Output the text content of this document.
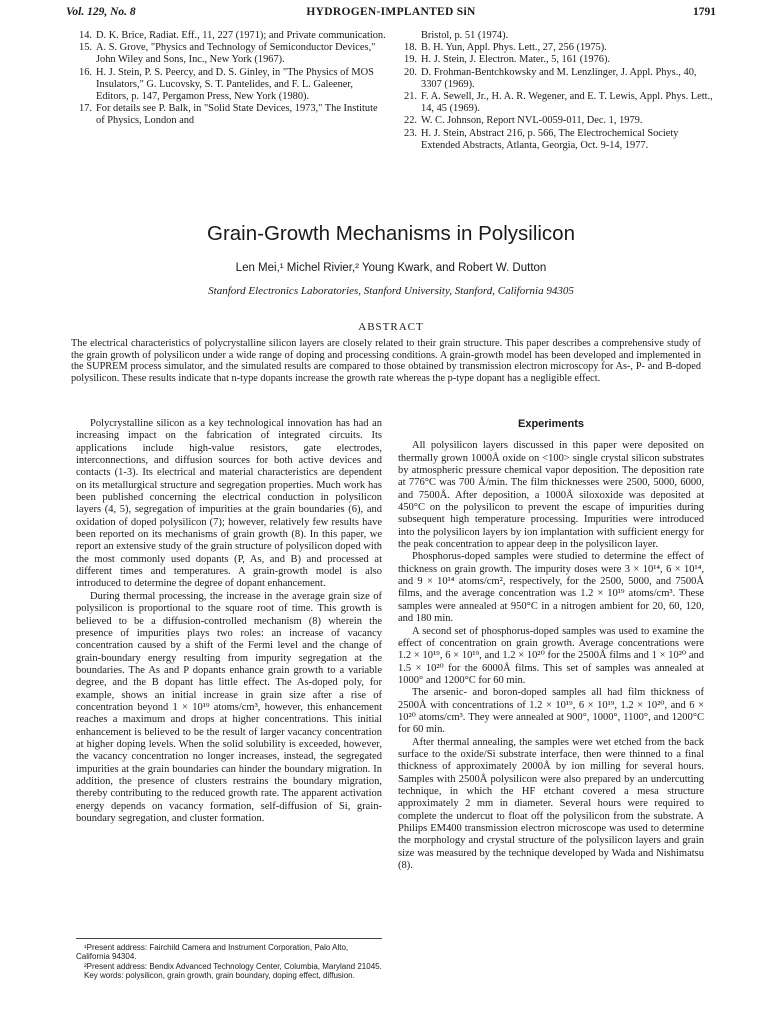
Vol. 129, No. 8	HYDROGEN-IMPLANTED SiN	1791
14. D. K. Brice, Radiat. Eff., 11, 227 (1971); and Private communication.
15. A. S. Grove, "Physics and Technology of Semiconductor Devices," John Wiley and Sons, Inc., New York (1967).
16. H. J. Stein, P. S. Peercy, and D. S. Ginley, in "The Physics of MOS Insulators," G. Lucovsky, S. T. Pantelides, and F. L. Galeener, Editors, p. 147, Pergamon Press, New York (1980).
17. For details see P. Balk, in "Solid State Devices, 1973," The Institute of Physics, London and
Bristol, p. 51 (1974).
18. B. H. Yun, Appl. Phys. Lett., 27, 256 (1975).
19. H. J. Stein, J. Electron. Mater., 5, 161 (1976).
20. D. Frohman-Bentchkowsky and M. Lenzlinger, J. Appl. Phys., 40, 3307 (1969).
21. F. A. Sewell, Jr., H. A. R. Wegener, and E. T. Lewis, Appl. Phys. Lett., 14, 45 (1969).
22. W. C. Johnson, Report NVL-0059-011, Dec. 1, 1979.
23. H. J. Stein, Abstract 216, p. 566, The Electrochemical Society Extended Abstracts, Atlanta, Georgia, Oct. 9-14, 1977.
Grain-Growth Mechanisms in Polysilicon
Len Mei,¹ Michel Rivier,² Young Kwark, and Robert W. Dutton
Stanford Electronics Laboratories, Stanford University, Stanford, California 94305
ABSTRACT
The electrical characteristics of polycrystalline silicon layers are closely related to their grain structure. This paper describes a comprehensive study of the grain growth of polysilicon under a wide range of doping and processing conditions. A grain-growth model has been developed and implemented in the SUPREM process simulator, and the simulated results are compared to those obtained by transmission electron microscopy for As-, P- and B-doped polysilicon. These results indicate that n-type dopants increase the growth rate whereas the p-type dopant has a negligible effect.

Polycrystalline silicon as a key technological innovation has had an increasing impact on the fabrication of integrated circuits. Its applications include high-value resistors, gate electrodes, interconnections, and diffusion sources for both active devices and contacts (1-3). Its electrical and material characteristics are dependent on its metallurgical structure and segregation properties. Much work has been published concerning the electrical conduction in polysilicon layers (4, 5), segregation of impurities at the grain boundaries (6), and oxidation of doped polysilicon (7); however, relatively few results have been reported on its mechanisms of grain growth (8). In this paper, we report an extensive study of the grain structure of polysilicon doped with the most commonly used dopants (P, As, and B) and processed at different times and temperatures. A grain-growth model is also introduced to determine the degree of dopant enhancement.

During thermal processing, the increase in the average grain size of polysilicon is proportional to the square root of time. This growth is believed to be a diffusion-controlled mechanism (8) wherein the presence of impurities plays two roles: an increase of vacancy concentration caused by a shift of the Fermi level and the change of grain-boundary energy resulting from impurity segregation at the boundaries. The As and P dopants enhance grain growth to a variable degree, and the B dopant has little effect. The As-doped poly, for example, shows an initial increase in grain size after a rise of concentration beyond 1 × 10¹⁹ atoms/cm³, however, this enhancement reaches a maximum and drops at higher concentrations. This initial enhancement is believed to be the result of larger vacancy concentration at higher doping levels. When the solid solubility is exceeded, however, the vacancy concentration no longer increases, instead, the segregated impurities at the grain boundaries can hinder the boundary migration. In addition, the presence of clusters restrains the boundary migration, thereby contributing to the reduced growth rate. The apparent activation energy depends on vacancy formation, self-diffusion of Si, grain-boundary segregation, and cluster formation.

¹Present address: Fairchild Camera and Instrument Corporation, Palo Alto, California 94304.
²Present address: Bendix Advanced Technology Center, Columbia, Maryland 21045.
Key words: polysilicon, grain growth, grain boundary, doping effect, diffusion.
Experiments

All polysilicon layers discussed in this paper were deposited on thermally grown 1000Å oxide on <100> single crystal silicon substrates by atmospheric pressure chemical vapor deposition. The deposition rate at 776°C was 700 Å/min. The film thicknesses were 2500, 5000, 6000, and 7500Å. After deposition, a 1000Å siloxoxide was deposited at 450°C on the polysilicon to prevent the escape of impurities during subsequent high temperature processing. Impurities were introduced into the polysilicon layers by ion implantation with sufficient energy for the peak concentration to appear deep in the polysilicon layer.

Phosphorus-doped samples were studied to determine the effect of thickness on grain growth. The impurity doses were 3 × 10¹⁴, 6 × 10¹⁴, and 9 × 10¹⁴ atoms/cm², respectively, for the 2500, 5000, and 7500Å films, and the average concentration was 1.2 × 10¹⁹ atoms/cm³. These samples were annealed at 950°C in a nitrogen ambient for 20, 60, 120, and 180 min.

A second set of phosphorus-doped samples was used to examine the effect of concentration on grain growth. Average concentrations were 1.2 × 10¹⁹, 6 × 10¹⁹, and 1.2 × 10²⁰ for the 2500Å films and 1 × 10²⁰ and 1.5 × 10²⁰ for the 6000Å films. This set of samples was annealed at 1000° and 1200°C for 60 min.

The arsenic- and boron-doped samples all had film thickness of 2500Å with concentrations of 1.2 × 10¹⁹, 6 × 10¹⁹, 1.2 × 10²⁰, and 6 × 10²⁰ atoms/cm³. They were annealed at 900°, 1000°, 1100°, and 1200°C for 60 min.

After thermal annealing, the samples were wet etched from the back surface to the oxide/Si substrate interface, then were thinned to a final thickness of approximately 2000Å by ion milling for several hours. Samples with 2500Å polysilicon were also prepared by an undercutting technique, in which the HF etchant covered a mesa structure approximately 2 mm in diameter. Several hours were required to complete the undercut to float off the polysilicon from the substrate. A Philips EM400 transmission electron microscope was used to determine the morphology and crystal structure of the polysilicon layers and grain size was measured by the technique developed by Wada and Nishimatsu (8).
